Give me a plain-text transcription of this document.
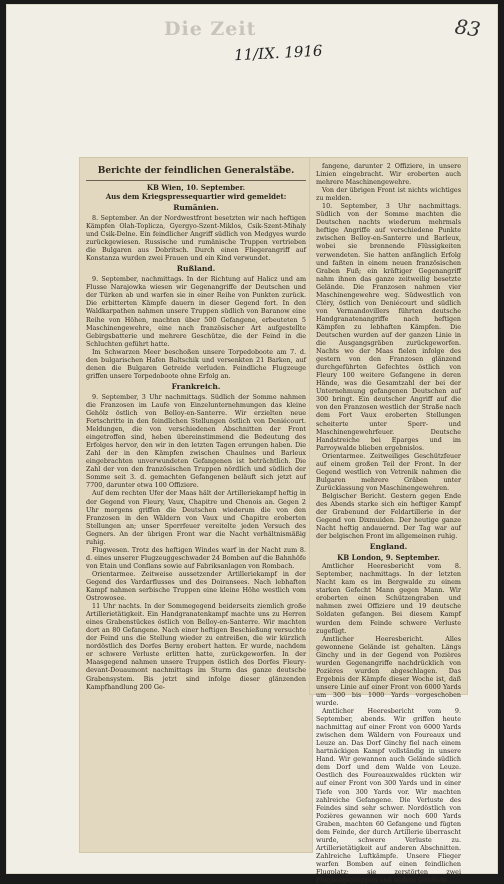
Die Zeit
11/IX. 1916
83
Berichte der feindlichen Generalstäbe.
KB Wien, 10. September.
Aus dem Kriegspressequartier wird gemeldet:
Rumänien.

8. September. An der Nordwestfront besetzten wir nach heftigen Kämpfen Olah-Toplicza, Gyergyo-Szent-Miklos, Csik-Szent-Mihaly und Csik-Delne. Ein feindlicher Angriff südlich von Medgyes wurde zurückgewiesen. Russische und rumänische Truppen vertrieben die Bulgaren aus Dobritsch. Durch einen Fliegerangriff auf Konstanza wurden zwei Frauen und ein Kind verwundet.

Rußland.

9. September, nachmittags. In der Richtung auf Halicz und am Flusse Narajowka wiesen wir Gegenangriffe der Deutschen und der Türken ab und warfen sie in einer Reihe von Punkten zurück. Die erbitterten Kämpfe dauern in dieser Gegend fort. In den Waldkarpathen nahmen unsere Truppen südlich von Baranow eine Reihe von Höhen, machten über 500 Gefangene, erbeuteten 5 Maschinengewehre, eine nach französischer Art aufgestellte Gebirgsbatterie und mehrere Geschütze, die der Feind in die Schluchten geführt hatte.

Im Schwarzen Meer beschoßen unsere Torpedoboote am 7. d. den bulgarischen Hafen Baltschik und versenkten 21 Barken, auf denen die Bulgaren Getreide verluden. Feindliche Flugzeuge griffen unsere Torpedoboote ohne Erfolg an.

Frankreich.

9. September, 3 Uhr nachmittags. Südlich der Somme nahmen die Franzosen im Laufe von Einzelunternehmungen das kleine Gehölz östlich von Belloy-en-Santerre. Wir erzielten neue Fortschritte in den feindlichen Stellungen östlich von Deniécourt. Meldungen, die von verschiedenen Abschnitten der Front eingetroffen sind, heben übereinstimmend die Bedeutung des Erfolges hervor, den wir in den letzten Tagen errungen haben. Die Zahl der in den Kämpfen zwischen Chaulnes und Barleux eingebrachten unverwundeten Gefangenen ist beträchtlich. Die Zahl der von den französischen Truppen nördlich und südlich der Somme seit 3. d. gemachten Gefangenen beläuft sich jetzt auf 7700, darunter etwa 100 Offiziere.

Auf dem rechten Ufer der Maas hält der Artilleriekampf heftig in der Gegend von Fleury, Vaux, Chapitre und Chenois an. Gegen 2 Uhr morgens griffen die Deutschen wiederum die von den Franzosen in den Wäldern von Vaux und Chapitre eroberten Stellungen an; unser Sperrfeuer vereitelte jeden Versuch des Gegners. An der übrigen Front war die Nacht verhältnismäßig ruhig.

Flugwesen. Trotz des heftigen Windes warf in der Nacht zum 8. d. eines unserer Flugzeuggeschwader 24 Bomben auf die Bahnhöfe von Etain und Conflans sowie auf Fabriksanlagen von Rombach.

Orientarmee. Zeitweise aussetzender Artilleriekampf in der Gegend des Vardarflusses und des Doiransees. Nach lebhaften Kampf nahmen serbische Truppen eine kleine Höhe westlich vom Ostrowosee.

11 Uhr nachts. In der Sommegegend beiderseits ziemlich große Artillerietätigkeit. Ein Handgranatenkampf machte uns zu Herren eines Grabenstückes östlich von Belloy-en-Santerre. Wir machten dort an 80 Gefangene. Nach einer heftigen Beschießung versuchte der Feind uns die Stellung wieder zu entreißen, die wir kürzlich nordöstlich des Dorfes Berny erobert hatten. Er wurde, nachdem er schwere Verluste erlitten hatte, zurückgeworfen. In der Maasgegend nahmen unsere Truppen östlich des Dorfes Fleury-devant-Douaumont nachmittags im Sturm das ganze deutsche Grabensystem. Bis jetzt sind infolge dieser glänzenden Kampfhandlung 200 Ge-

fangene, darunter 2 Offiziere, in unsere Linien eingebracht. Wir eroberten auch mehrere Maschinengewehre.

Von der übrigen Front ist nichts wichtiges zu melden.

10. September, 3 Uhr nachmittags. Südlich von der Somme machten die Deutschen nachts wiederum mehrmals heftige Angriffe auf verschiedene Punkte zwischen Belloy-en-Santerre und Barleux, wobei sie brennende Flüssigkeiten verwendeten. Sie hatten anfänglich Erfolg und faßten in einem neuen französischen Graben Fuß; ein kräftiger Gegenangriff nahm ihnen das ganze zeitweilig besetzte Gelände. Die Franzosen nahmen vier Maschinengewehre weg. Südwestlich von Cléry, östlich von Deniécourt und südlich von Vermandovillers führten deutsche Handgranatenangriffe nach heftigen Kämpfen zu lebhaften Kämpfen. Die Deutschen wurden auf der ganzen Linie in die Ausgangsgräben zurückgeworfen. Nachts wo der Maas fielen infolge des gestern von den Franzosen glänzend durchgeführten Gefechtes östlich von Fleury 100 weitere Gefangene in deren Hände, was die Gesamtzahl der bei der Unternehmung gefangenen Deutschen auf 300 bringt. Ein deutscher Angriff auf die von den Franzosen westlich der Straße nach dem Fort Vaux eroberten Stellungen scheiterte unter Sperr- und Maschinengewehrfeuer. Deutsche Handstreiche bei Eparges und im Parroywalde blieben ergebnislos.

Orientarmee. Zeitweiliges Geschützfeuer auf einem großen Teil der Front. In der Gegend westlich von Vetrenik nahmen die Bulgaren mehrere Gräben unter Zurücklassung von Maschinengewehren.

Belgischer Bericht. Gestern gegen Ende des Abends starke sich ein heftiger Kampf der Grabenund der Feldartillerie in der Gegend von Dixmuiden. Der heutige ganze Nacht heftig andauernd. Der Tag war auf der belgischen Front im allgemeinen ruhig.

England.
KB London, 9. September.

Amtlicher Heeresbericht vom 8. September, nachmittags. In der letzten Nacht kam es im Bergwalde zu einem starken Gefecht Mann gegen Mann. Wir eroberten einen Schützengraben und nahmen zwei Offiziere und 19 deutsche Soldaten gefangen. Bei diesem Kampf wurden dem Feinde schwere Verluste zugefügt.

Amtlicher Heeresbericht. Alles gewonnene Gelände ist gehalten. Längs Ginchy und in der Gegend von Pozières wurden Gegenangriffe nachdrücklich von Pozières wurden abgeschlagen. Das Ergebnis der Kämpfe dieser Woche ist, daß unsere Linie auf einer Front von 6000 Yards um 300 bis 1000 Yards vorgeschoben wurde.

Amtlicher Heeresbericht vom 9. September, abends. Wir griffen heute nachmittag auf einer Front von 6000 Yards zwischen dem Wäldern von Foureaux und Leuze an. Das Dorf Ginchy fiel nach einem hartnäckigen Kampf vollständig in unsere Hand. Wir gewannen auch Gelände südlich dem Dorf und dem Walde von Leuze. Oestlich des Foureauxwaldes rückten wir auf einer Front von 300 Yards und in einer Tiefe von 300 Yards vor. Wir machten zahlreiche Gefangene. Die Verluste des Feindes sind sehr schwer. Nordöstlich von Pozières gewannen wir noch 600 Yards Graben, machten 60 Gefangene und fügten dem Feinde, der durch Artillerie überrascht wurde, schwere Verluste zu. Artillerietätigkeit auf anderen Abschnitten. Zahlreiche Luftkämpfe. Unsere Flieger warfen Bomben auf einen feindlichen Flugplatz; sie zerstörten zwei Flugzeugschuppen und andere Gebäude.
